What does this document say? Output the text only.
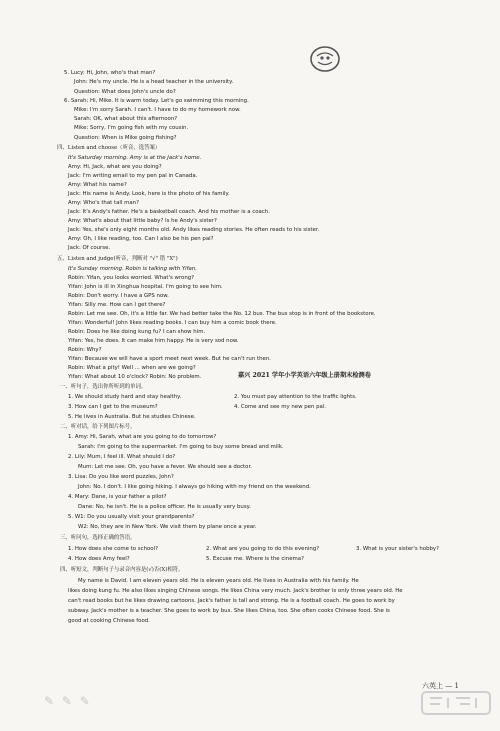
5. Lucy: Hi, John, who's that man?
John: He's my uncle. He is a head teacher in the university.
Question: What does John's uncle do?
6. Sarah: Hi, Mike. It is warm today. Let's go swimming this morning.
Mike: I'm sorry Sarah. I can't. I have to do my homework now.
Sarah: OK, what about this afternoon?
Mike: Sorry, I'm going fish with my cousin.
Question: When is Mike going fishing?
四、Listen and choose（听音，选答案）
It's Saturday morning. Amy is at the Jack's home.
Amy: Hi, Jack, what are you doing?
Jack: I'm writing email to my pen pal in Canada.
Amy: What his name?
Jack: His name is Andy. Look, here is the photo of his family.
Amy: Who's that tall man?
Jack: It's Andy's father. He's a basketball coach. And his mother is a coach.
Amy: What's about that little baby? Is he Andy's sister?
Jack: Yes, she's only eight months old. Andy likes reading stories. He often reads to his sister.
Amy: Oh, I like reading, too. Can I also be his pen pal?
Jack: Of course.
五、Listen and judge(听音，判断对 "√" 错 "X")
It's Sunday morning. Robin is talking with Yifan.
Robin: Yifan, you looks worried. What's wrong?
Yifan: John is ill in Xinghua hospital. I'm going to see him.
Robin: Don't worry. I have a GPS now.
Yifan: Silly me. How can I get there?
Robin: Let me see. Oh, it's a little far. We had better take the No. 12 bus. The bus stop is in front of the bookstore.
Yifan: Wonderful! John likes reading books. I can buy him a comic book there.
Robin: Does he like doing kung fu? I can show him.
Yifan: Yes, he does. It can make him happy. He is very sod now.
Robin: Why?
Yifan: Because we will have a sport meet next week. But he can't run then.
Robin: What a pity! Well ... when are we going?
Yifan: What about 10 o'clock? Robin: No problem.	嘉兴 2021 学年小学英语六年级上册期末检测卷
一、听句子，选出你所听到的单词。
1. We should study hard and stay healthy.	2. You must pay attention to the traffic lights.
3. How can I get to the museum?	4. Come and see my new pen pal.
5. He lives in Australia. But he studies Chinese.
二、听对话，给下列图片标号。
1. Amy: Hi, Sarah, what are you going to do tomorrow?
Sarah: I'm going to the supermarket. I'm going to buy some bread and milk.
2. Lily: Mum, I feel ill. What should I do?
Mum: Let me see. Oh, you have a fever. We should see a doctor.
3. Lisa: Do you like word puzzles, John?
John: No. I don't. I like going hiking. I always go hiking with my friend on the weekend.
4. Mary: Dane, is your father a pilot?
Dane: No, he isn't. He is a police officer. He is usually very busy.
5. W1: Do you usually visit your grandparents?
W2: No, they are in New York. We visit them by plane once a year.
三、听问句，选择正确的答语。
1. How does she come to school?	2. What are you going to do this evening?	3. What is your sister's hobby?
4. How does Amy feel?	5. Excuse me. Where is the cinema?
四、听短文，判断句子与录音内容是(√)否(X)相符。
My name is David. I am eleven years old. He is eleven years old. He lives in Australia with his family. He
likes doing kung fu. He also likes singing Chinese songs. He likes China very much. Jack's brother is only three years old. He
can't read books but he likes drawing cartoons. Jack's father is tall and strong. He is a football coach. He goes to work by
subway. Jack's mother is a teacher. She goes to work by bus. She likes China, too. She often cooks Chinese food. She is
good at cooking Chinese food.
✎ ✎ ✎
六英上 — 1
